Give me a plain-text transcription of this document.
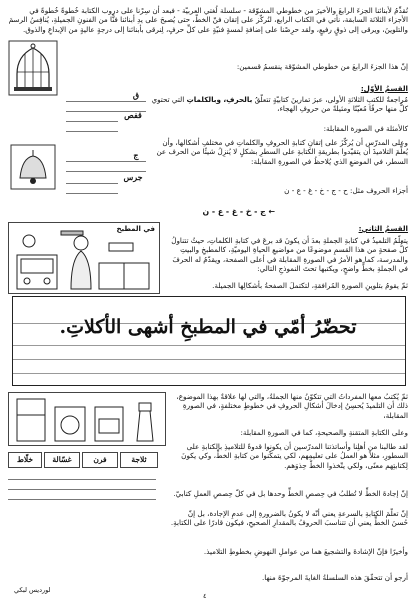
نُقدِّمُ لأبنائنا الجزءَ الرابعَ والأخيرَ من خطوطي المشوّقة - سلسلة لُغتي العربيّة - فبعد أن سِرْنا على دروب الكتابة خُطوةً خُطوةً في الأجزاء الثلاثة السابقة، نأتي في الكتاب الرابع، لنُركّز على إتقان فنّ الخطّ، حتى يُصبحَ على يدِ أبنائنا فنًّا من الفنونِ الجميلةِ، يُنافِسُ الرسمَ والتلوينَ، ويرقى إلى ذوقٍ رفيعٍ، ولقد حرِصْنا على إضافةِ لمسةٍ فنيّةٍ على كلِّ حرفٍ، لِنرقى بأبنائنا إلى درجةٍ عاليةٍ من الإبداعِ والذوق.
إنّ هذا الجزءَ الرابعَ من خطوطي المشوّقة ينقسمُ قسمين:
القسمُ الأوّل:
مُراجعةٌ للكتبِ الثلاثةِ الأولى، عبرَ تمارينَ كتابيّةٍ تتعلّقُ بالحرفِ، وبالكلماتِ التي تحتوي كلٌّ منها حرفًا مُعيّنًا ومثيلةً من حروفِ الهجاء،
كالأمثلة في الصورة المقابلة:
ق
قفص
ج
جرس
وعلى المدرّس أن يُركّزَ على إتقانِ كتابةِ الحروفِ والكلماتِ في مختلفِ أشكالها، وأن يُعلِّمَ التلاميذَ أن يتقيّدوا بطريقةِ الكتابةِ على السطرِ بشكلٍ لا يُنزِلُ شيئًا من الحرف عن السطر، في الموضعِ الذي يُلاحظُ في الصورةِ المقابلة:
أجزاء الحروف مثل: ح - ج - خ - غ - ع - ن
← ج - خ - غ - ع - ن
القسمُ الثاني:
يتعلّمُ التلميذُ في كتابةِ الجملةِ بعدَ أن يكونَ قد برعَ في كتابةِ الكلماتِ، حيثُ تتناولُ كلُّ صفحةٍ من هذا القسمِ موضوعًا من مواضيعِ الحياةِ اليوميّةِ، كالمطبخِ والبيتِ والمدرسة، كما هو الأمرُ في الصورةِ المقابلة في أعلى الصفحة، ويقدّمُ له الحرفَ في الجملةِ بخطٍّ واضحٍ، ويكتبها تحتَ النموذجِ التالي:
ثمّ يقومُ بتلوينِ الصورةِ المُرافقةِ، لتكتملَ الصفحةُ بأشكالِها الجميلة.
في المطبخ
تحضّرُ أمّي في المطبخِ أشهى الأكلاتِ.
ثمّ يُكتبُ معها المفرداتُ التي تتكوّنُ منها الجملةُ، والتي لها علاقةٌ بهذا الموضوع، ذلك أن التلميذَ يُحسِنُ إدخالَ أشكالِ الحروفِ في خطوطٍ مختلفةٍ، في الصورةِ المقابلة،
وعلى الكتابةِ المتقنةِ والصحيحةِ، كما في الصورةِ المقابلة:
لقد طالبنا من أهلِنا وأساتذتنا المدرّسين أن يكونوا قدوةً للتلاميذِ بالكتابةِ على السطورِ، مثلاً هو العملُ على تعليمِهم، لكي يتمكّنوا من كتابةِ الخطِّ، وكي يكونَ لِكتابتِهم معنًى، ولكي يتّخذوا الخطّ حِذوَهم.
إنّ إجادةَ الخطِّ لا تُطلبُ في حِصصِ الخطِّ وحدها بل في كلّ حِصصِ العملِ كتابيّ.
إنّ تعلّمَ الكتابةِ بالسرعةِ يعني أنّه لا يكونُ بالضرورةِ إلى عدمِ الإجادة، بل إنّ حُسنَ الخطِّ يعني أن تتناسبَ الحروفُ بالمقدارِ الصحيحِ، فيكون قادرًا على الكتابةِ.
وأخيرًا فإنّ الإشادةَ والتشجيعَ هما من عواملِ النهوضِ بخطوطِ التلاميذ.
أرجو أن تتحقّقَ هذه السلسلةُ الغايةَ المرجوّةَ منها.
ثلاجة
فرن
غسّالة
خلّاط
لورديس لبكي
٤
